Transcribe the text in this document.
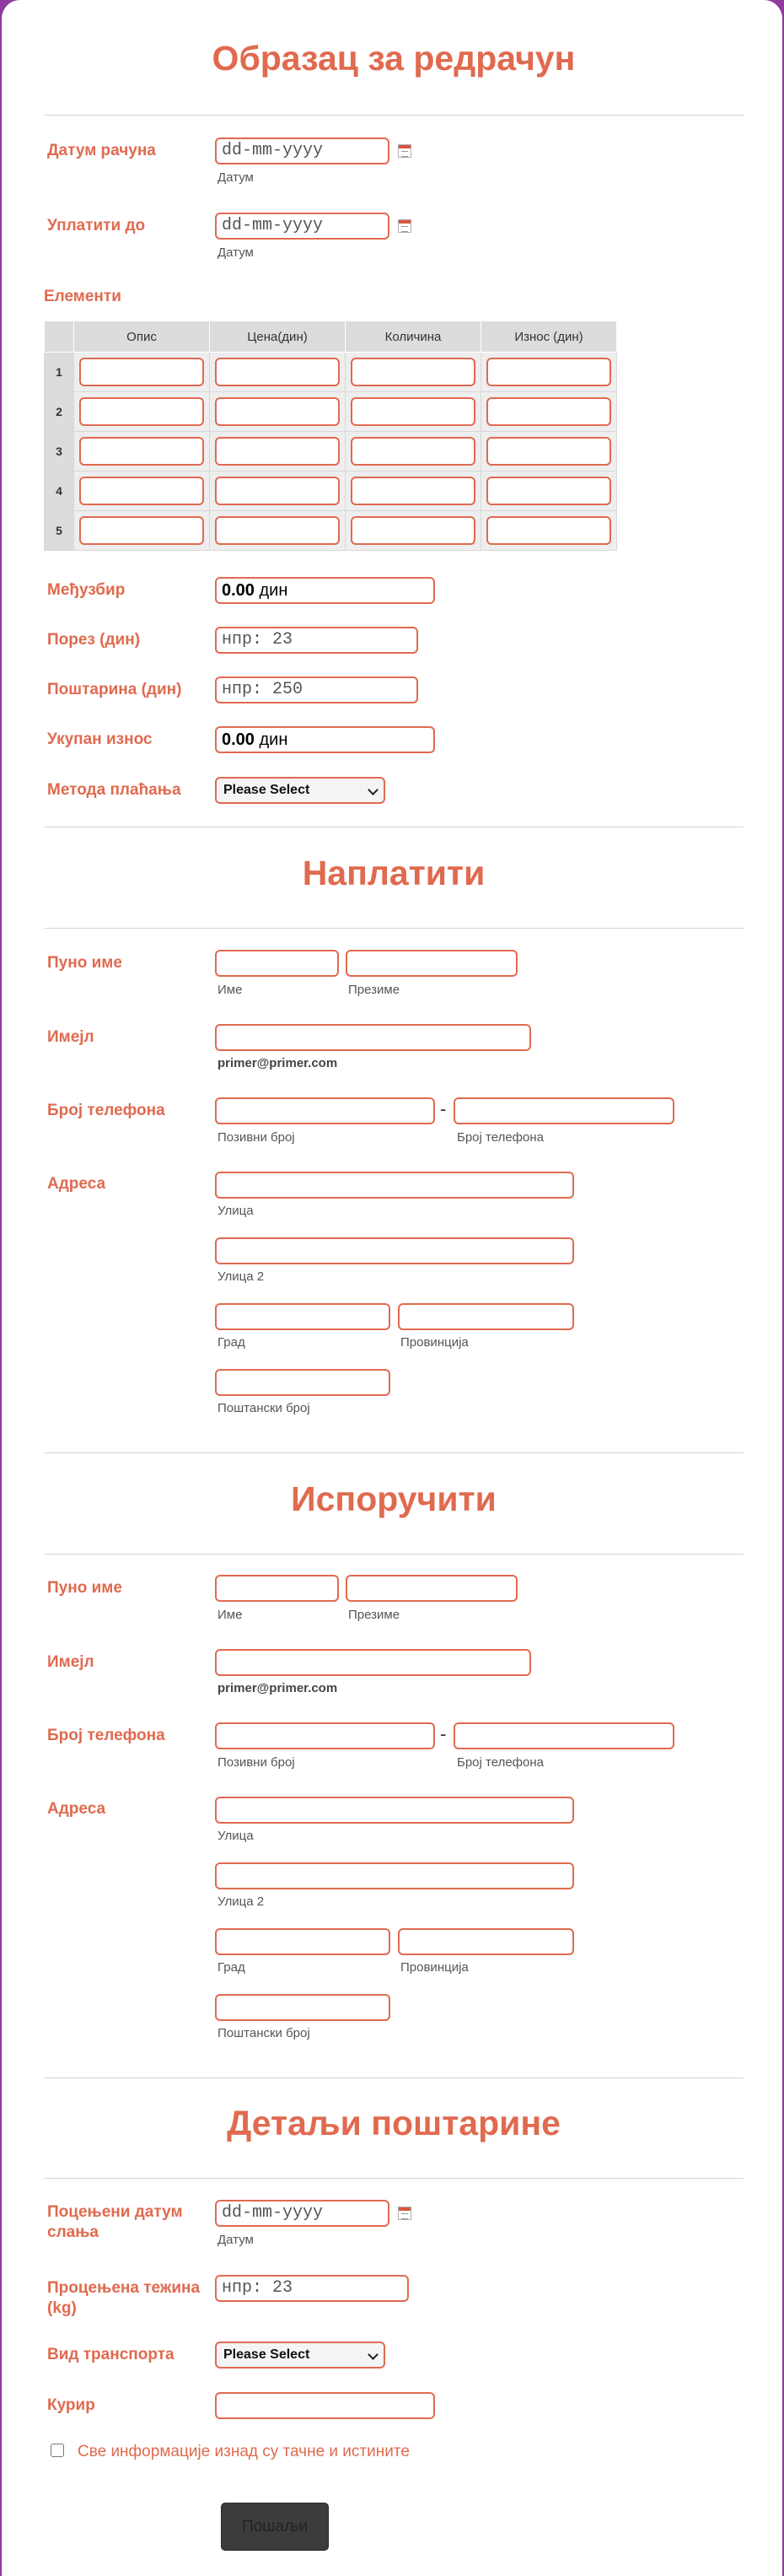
Образац за редрачун
Датум рачуна	dd-mm-yyyy
Датум
Уплатити до	dd-mm-yyyy
Датум
Елементи
	Опис	Цена(дин)	Количина	Износ (дин)
1				
2				
3				
4				
5				
Међузбир	0.00 дин
Порез (дин)	нпр: 23
Поштарина (дин)	нпр: 250
Укупан износ	0.00 дин
Метода плаћања	Please Select
Наплатити
Пуно име
Име	Презиме
Имејл
primer@primer.com
Број телефона	-
Позивни број	Број телефона
Адреса
Улица
Улица 2
Град	Провинција
Поштански број
Испоручити
Пуно име
Име	Презиме
Имејл
primer@primer.com
Број телефона	-
Позивни број	Број телефона
Адреса
Улица
Улица 2
Град	Провинција
Поштански број
Детаљи поштарине
Поцењени датум слања
dd-mm-yyyy
Датум
Процењена тежина (kg)
нпр: 23
Вид транспорта	Please Select
Курир
Све информације изнад су тачне и истините
Пошаљи
